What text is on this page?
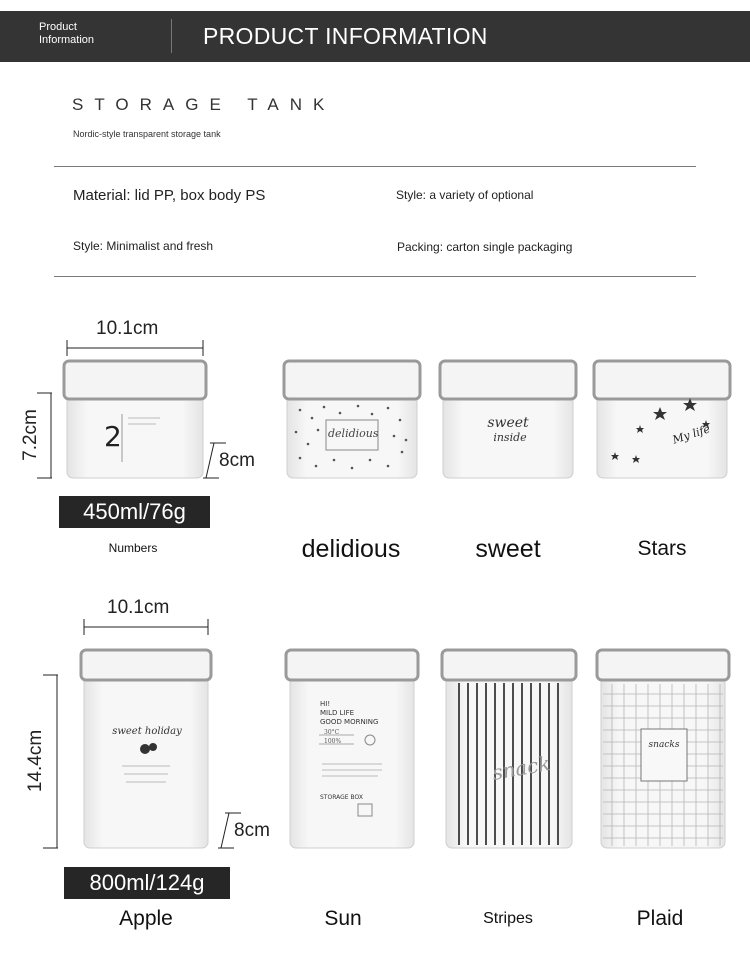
Product
Information	PRODUCT INFORMATION
STORAGE TANK
Nordic-style transparent storage tank
Material: lid PP, box body PS	Style: a variety of optional
Style: Minimalist and fresh	Packing: carton single packaging
2	delidious
sweet
inside	My life
sweet holiday
HI!
MILD LIFE
GOOD MORNING
30°C
100%
STORAGE BOX
snack
snacks
10.1cm
7.2cm	8cm
450ml/76g
Numbers	delidious	sweet	Stars
10.1cm
14.4cm
8cm
800ml/124g
Apple	Sun	Stripes	Plaid
